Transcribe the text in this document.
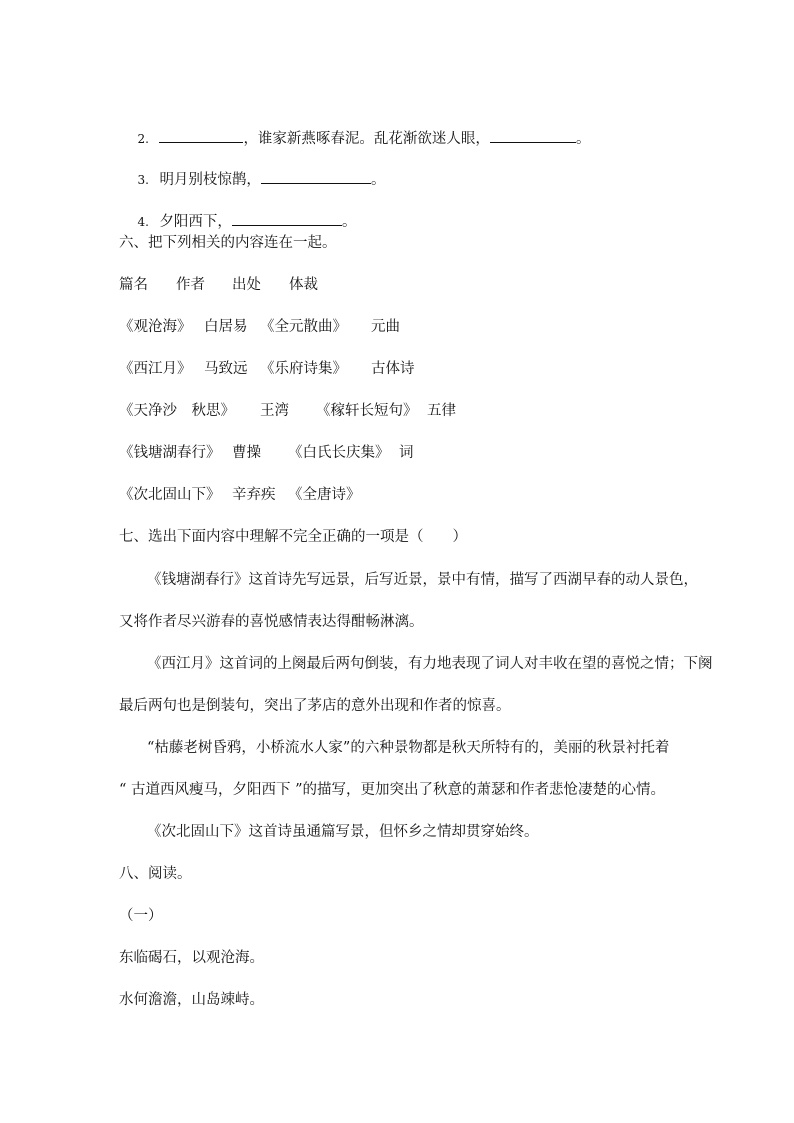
2.	，谁家新燕啄春泥。乱花渐欲迷人眼，	。

3. 明月别枝惊鹊，	。

4. 夕阳西下，	。

六、把下列相关的内容连在一起。
篇名 作者 出处 体裁
《观沧海》 白居易 《全元散曲》 元曲
《西江月》 马致远 《乐府诗集》 古体诗
《天净沙　秋思》 王湾 《稼轩长短句》 五律
《钱塘湖春行》 曹操 《白氏长庆集》 词
《次北固山下》 辛弃疾 《全唐诗》
七、选出下面内容中理解不完全正确的一项是（　　）
《钱塘湖春行》这首诗先写远景，后写近景，景中有情，描写了西湖早春的动人景色，
又将作者尽兴游春的喜悦感情表达得酣畅淋漓。
《西江月》这首词的上阕最后两句倒装，有力地表现了词人对丰收在望的喜悦之情；下阕
最后两句也是倒装句，突出了茅店的意外出现和作者的惊喜。
“枯藤老树昏鸦，小桥流水人家”的六种景物都是秋天所特有的，美丽的秋景衬托着
“ 古道西风瘦马，夕阳西下 ”的描写，更加突出了秋意的萧瑟和作者悲怆凄楚的心情。
《次北固山下》这首诗虽通篇写景，但怀乡之情却贯穿始终。
八、阅读。
（一）
东临碣石，以观沧海。
水何澹澹，山岛竦峙。
